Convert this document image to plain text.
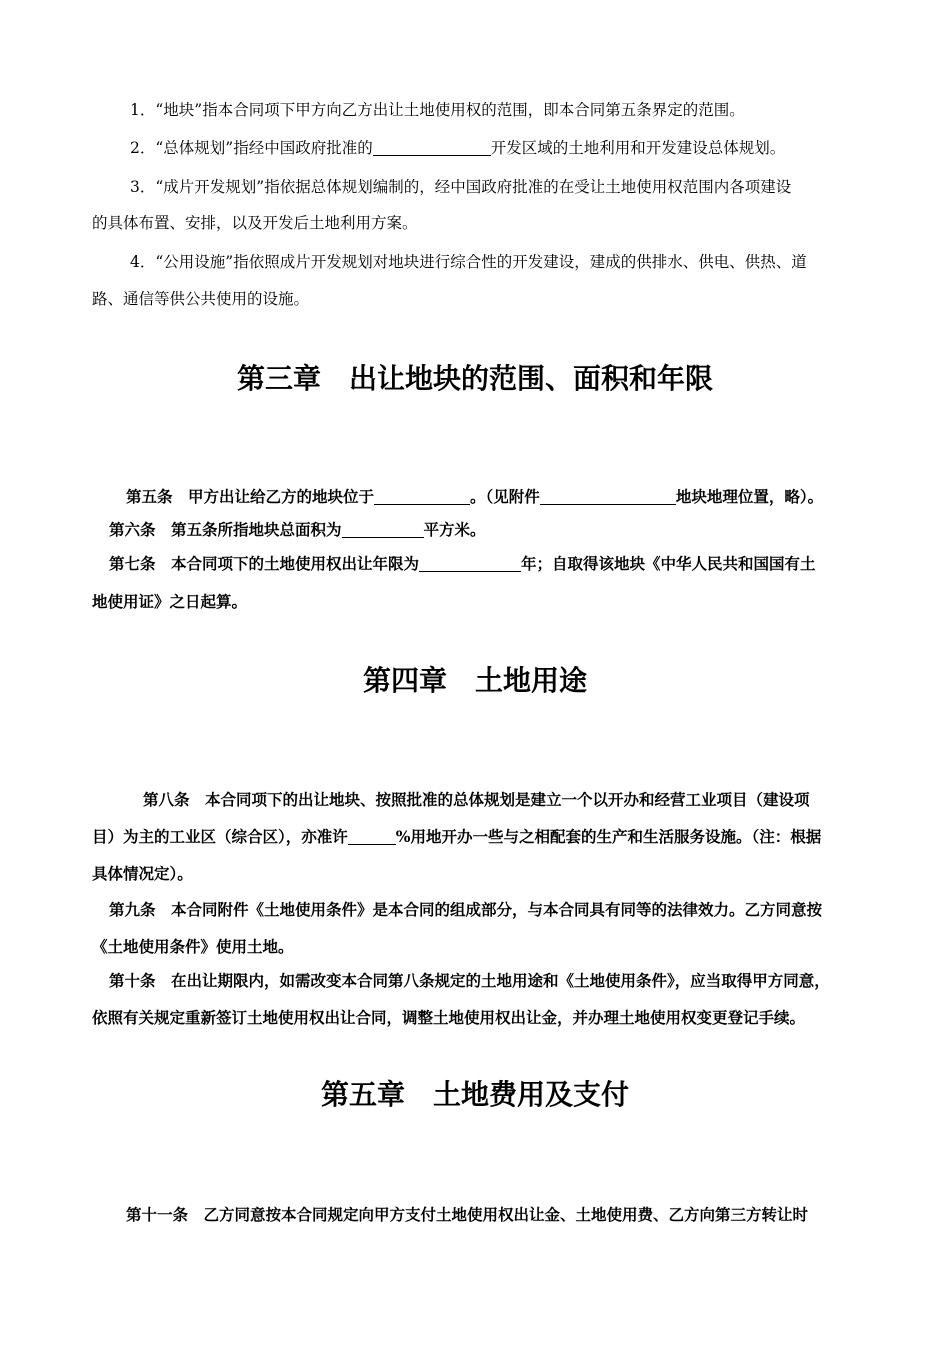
1．“地块”指本合同项下甲方向乙方出让土地使用权的范围，即本合同第五条界定的范围。
2．“总体规划”指经中国政府批准的	开发区域的土地利用和开发建设总体规划。
3．“成片开发规划”指依据总体规划编制的，经中国政府批准的在受让土地使用权范围内各项建设
的具体布置、安排，以及开发后土地利用方案。
4．“公用设施”指依照成片开发规划对地块进行综合性的开发建设，建成的供排水、供电、供热、道
路、通信等供公共使用的设施。
第三章　出让地块的范围、面积和年限
第五条　 甲方出让给乙方的地块位于	。（见附件	地块地理位置，略）。
第六条　 第五条所指地块总面积为	平方米。
第七条　 本合同项下的土地使用权出让年限为	年；自取得该地块《中华人民共和国国有土
地使用证》之日起算。
第四章　土地用途
第八条　 本合同项下的出让地块、按照批准的总体规划是建立一个以开办和经营工业项目（建设项
目）为主的工业区（综合区），亦准许	%用地开办一些与之相配套的生产和生活服务设施。（注：根据
具体情况定）。
第九条　 本合同附件《土地使用条件》是本合同的组成部分，与本合同具有同等的法律效力。乙方同意按
《土地使用条件》使用土地。
第十条　 在出让期限内，如需改变本合同第八条规定的土地用途和《土地使用条件》，应当取得甲方同意，
依照有关规定重新签订土地使用权出让合同，调整土地使用权出让金，并办理土地使用权变更登记手续。
第五章　土地费用及支付
第十一条　 乙方同意按本合同规定向甲方支付土地使用权出让金、土地使用费、乙方向第三方转让时
